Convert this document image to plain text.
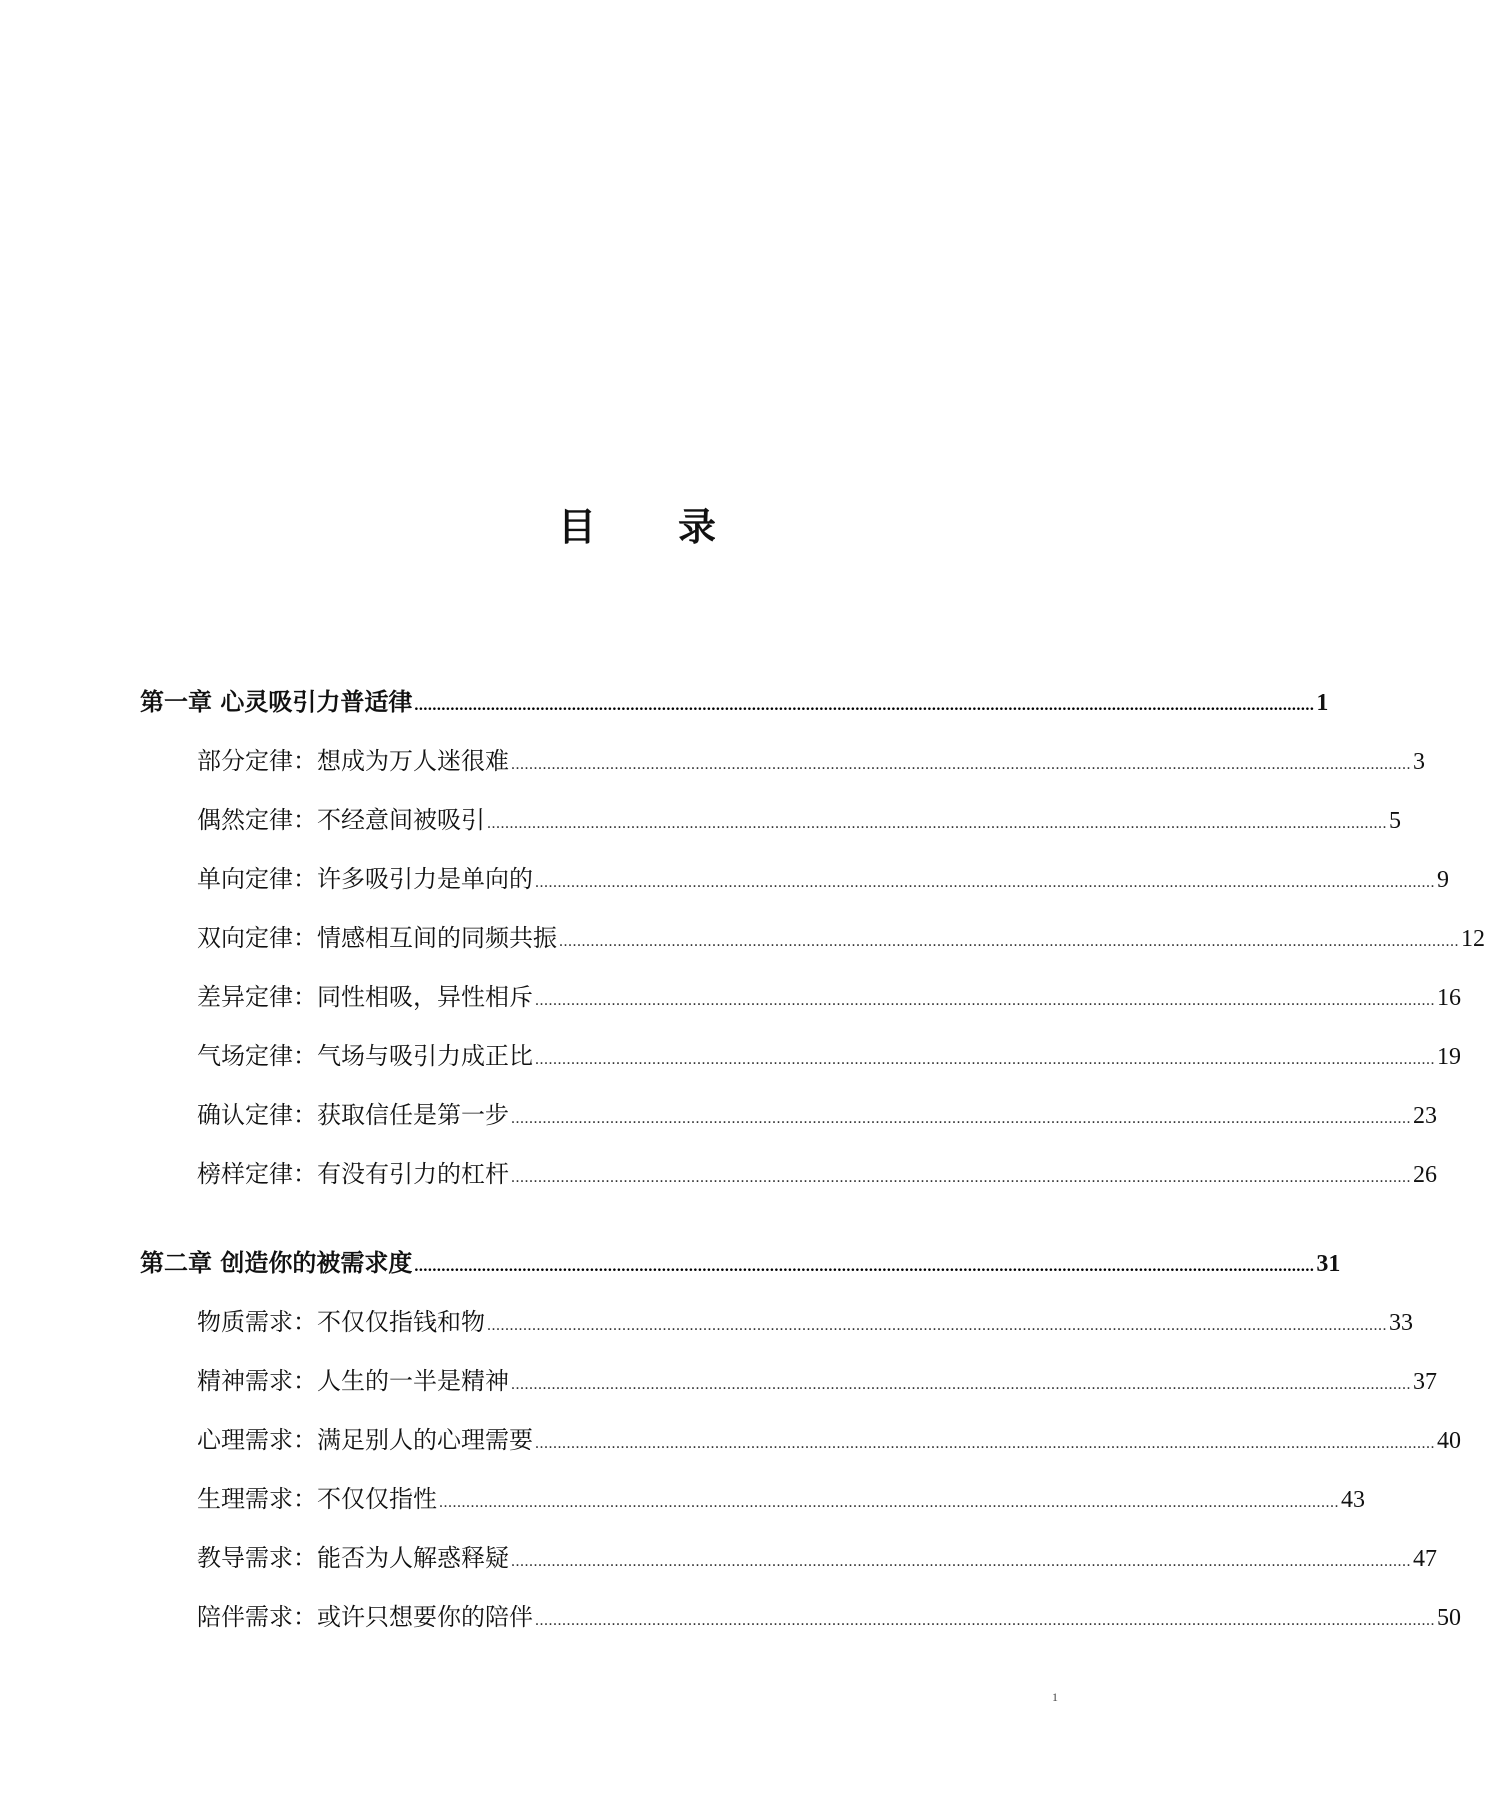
目 录
第一章 心灵吸引力普适律 ........................................................................................................................................................................................................ 1
部分定律：想成为万人迷很难 ........................................................................................................................................................................................................ 3
偶然定律：不经意间被吸引 ........................................................................................................................................................................................................ 5
单向定律：许多吸引力是单向的 ........................................................................................................................................................................................................ 9
双向定律：情感相互间的同频共振 ........................................................................................................................................................................................................ 12
差异定律：同性相吸，异性相斥 ........................................................................................................................................................................................................ 16
气场定律：气场与吸引力成正比 ........................................................................................................................................................................................................ 19
确认定律：获取信任是第一步 ........................................................................................................................................................................................................ 23
榜样定律：有没有引力的杠杆 ........................................................................................................................................................................................................ 26
第二章 创造你的被需求度 ........................................................................................................................................................................................................ 31
物质需求：不仅仅指钱和物 ........................................................................................................................................................................................................ 33
精神需求：人生的一半是精神 ........................................................................................................................................................................................................ 37
心理需求：满足别人的心理需要 ........................................................................................................................................................................................................ 40
生理需求：不仅仅指性 ........................................................................................................................................................................................................ 43
教导需求：能否为人解惑释疑 ........................................................................................................................................................................................................ 47
陪伴需求：或许只想要你的陪伴 ........................................................................................................................................................................................................ 50
1
